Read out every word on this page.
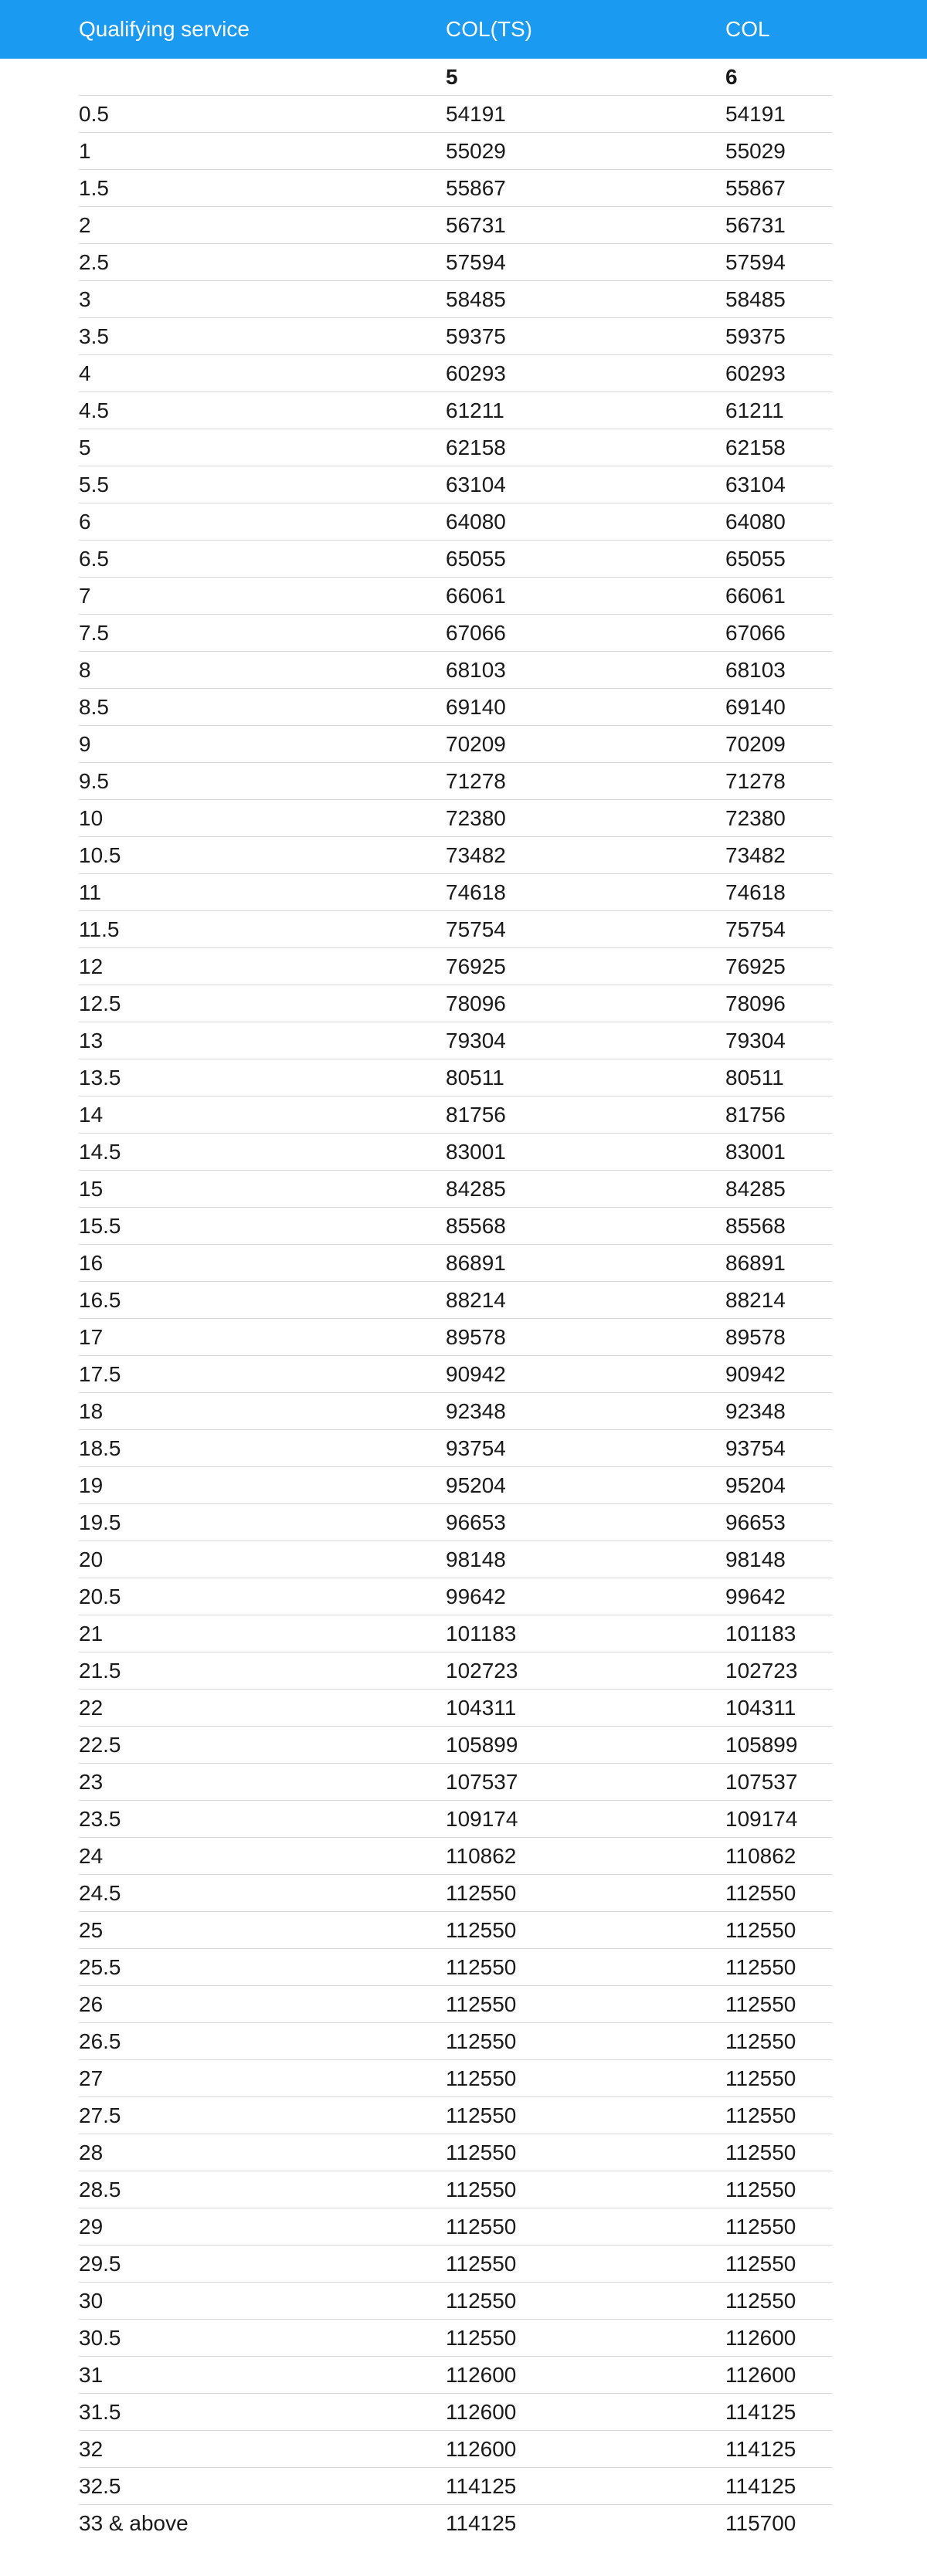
Qualifying service	COL(TS)	COL
	5	6
0.5	54191	54191
1	55029	55029
1.5	55867	55867
2	56731	56731
2.5	57594	57594
3	58485	58485
3.5	59375	59375
4	60293	60293
4.5	61211	61211
5	62158	62158
5.5	63104	63104
6	64080	64080
6.5	65055	65055
7	66061	66061
7.5	67066	67066
8	68103	68103
8.5	69140	69140
9	70209	70209
9.5	71278	71278
10	72380	72380
10.5	73482	73482
11	74618	74618
11.5	75754	75754
12	76925	76925
12.5	78096	78096
13	79304	79304
13.5	80511	80511
14	81756	81756
14.5	83001	83001
15	84285	84285
15.5	85568	85568
16	86891	86891
16.5	88214	88214
17	89578	89578
17.5	90942	90942
18	92348	92348
18.5	93754	93754
19	95204	95204
19.5	96653	96653
20	98148	98148
20.5	99642	99642
21	101183	101183
21.5	102723	102723
22	104311	104311
22.5	105899	105899
23	107537	107537
23.5	109174	109174
24	110862	110862
24.5	112550	112550
25	112550	112550
25.5	112550	112550
26	112550	112550
26.5	112550	112550
27	112550	112550
27.5	112550	112550
28	112550	112550
28.5	112550	112550
29	112550	112550
29.5	112550	112550
30	112550	112550
30.5	112550	112600
31	112600	112600
31.5	112600	114125
32	112600	114125
32.5	114125	114125
33 & above	114125	115700
